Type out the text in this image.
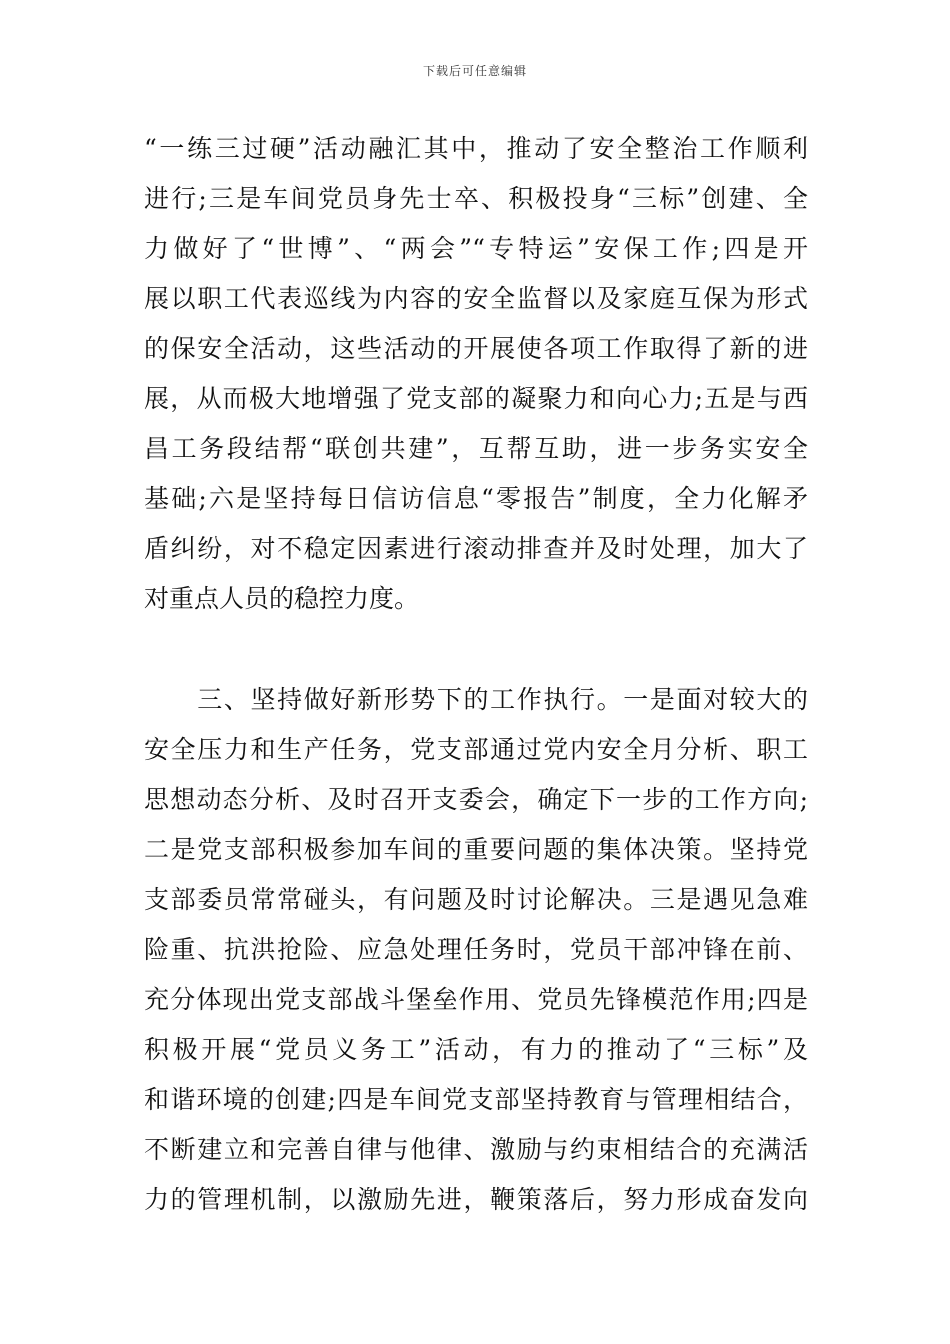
下载后可任意编辑
“一练三过硬”活动融汇其中，推动了安全整治工作顺利
进行;三是车间党员身先士卒、积极投身“三标”创建、全
力做好了“世博”、“两会”“专特运”安保工作;四是开
展以职工代表巡线为内容的安全监督以及家庭互保为形式
的保安全活动，这些活动的开展使各项工作取得了新的进
展，从而极大地增强了党支部的凝聚力和向心力;五是与西
昌工务段结帮“联创共建”，互帮互助，进一步务实安全
基础;六是坚持每日信访信息“零报告”制度，全力化解矛
盾纠纷，对不稳定因素进行滚动排查并及时处理，加大了
对重点人员的稳控力度。
　　三、坚持做好新形势下的工作执行。一是面对较大的
安全压力和生产任务，党支部通过党内安全月分析、职工
思想动态分析、及时召开支委会，确定下一步的工作方向;
二是党支部积极参加车间的重要问题的集体决策。坚持党
支部委员常常碰头，有问题及时讨论解决。三是遇见急难
险重、抗洪抢险、应急处理任务时，党员干部冲锋在前、
充分体现出党支部战斗堡垒作用、党员先锋模范作用;四是
积极开展“党员义务工”活动，有力的推动了“三标”及
和谐环境的创建;四是车间党支部坚持教育与管理相结合，
不断建立和完善自律与他律、激励与约束相结合的充满活
力的管理机制，以激励先进，鞭策落后，努力形成奋发向
